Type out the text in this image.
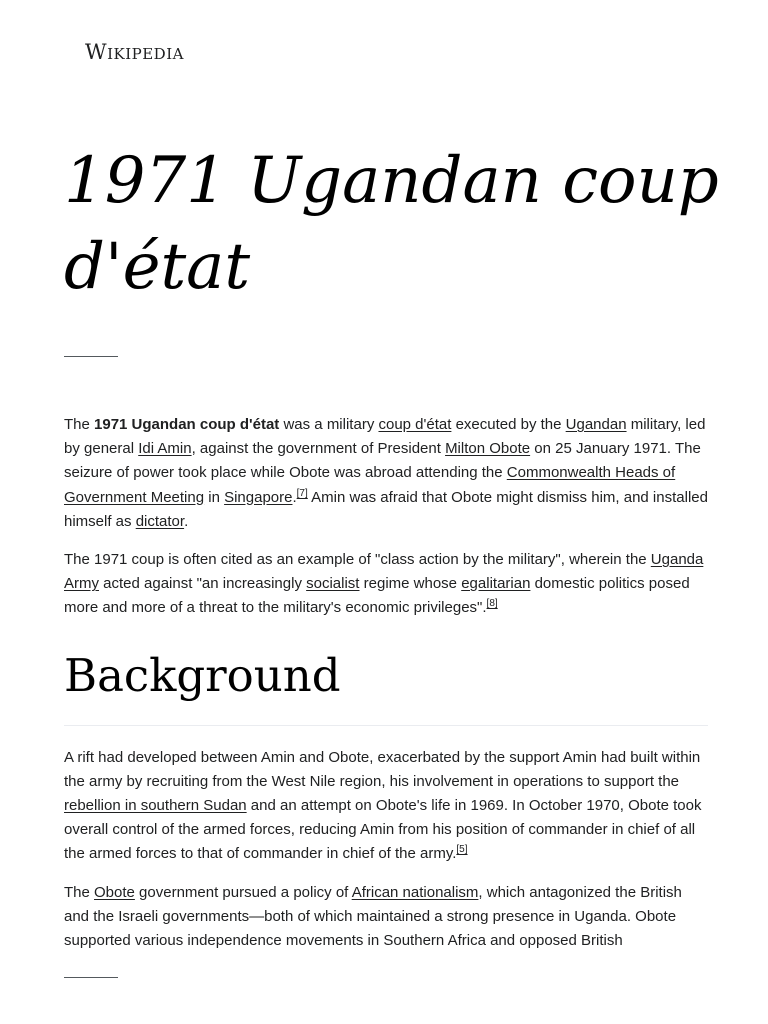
Wikipedia
1971 Ugandan coup d'état

The 1971 Ugandan coup d'état was a military coup d'état executed by the Ugandan military, led by general Idi Amin, against the government of President Milton Obote on 25 January 1971. The seizure of power took place while Obote was abroad attending the Commonwealth Heads of Government Meeting in Singapore.[7] Amin was afraid that Obote might dismiss him, and installed himself as dictator.

The 1971 coup is often cited as an example of "class action by the military", wherein the Uganda Army acted against "an increasingly socialist regime whose egalitarian domestic politics posed more and more of a threat to the military's economic privileges".[8]

Background

A rift had developed between Amin and Obote, exacerbated by the support Amin had built within the army by recruiting from the West Nile region, his involvement in operations to support the rebellion in southern Sudan and an attempt on Obote's life in 1969. In October 1970, Obote took overall control of the armed forces, reducing Amin from his position of commander in chief of all the armed forces to that of commander in chief of the army.[5]

The Obote government pursued a policy of African nationalism, which antagonized the British and the Israeli governments—both of which maintained a strong presence in Uganda. Obote supported various independence movements in Southern Africa and opposed British
